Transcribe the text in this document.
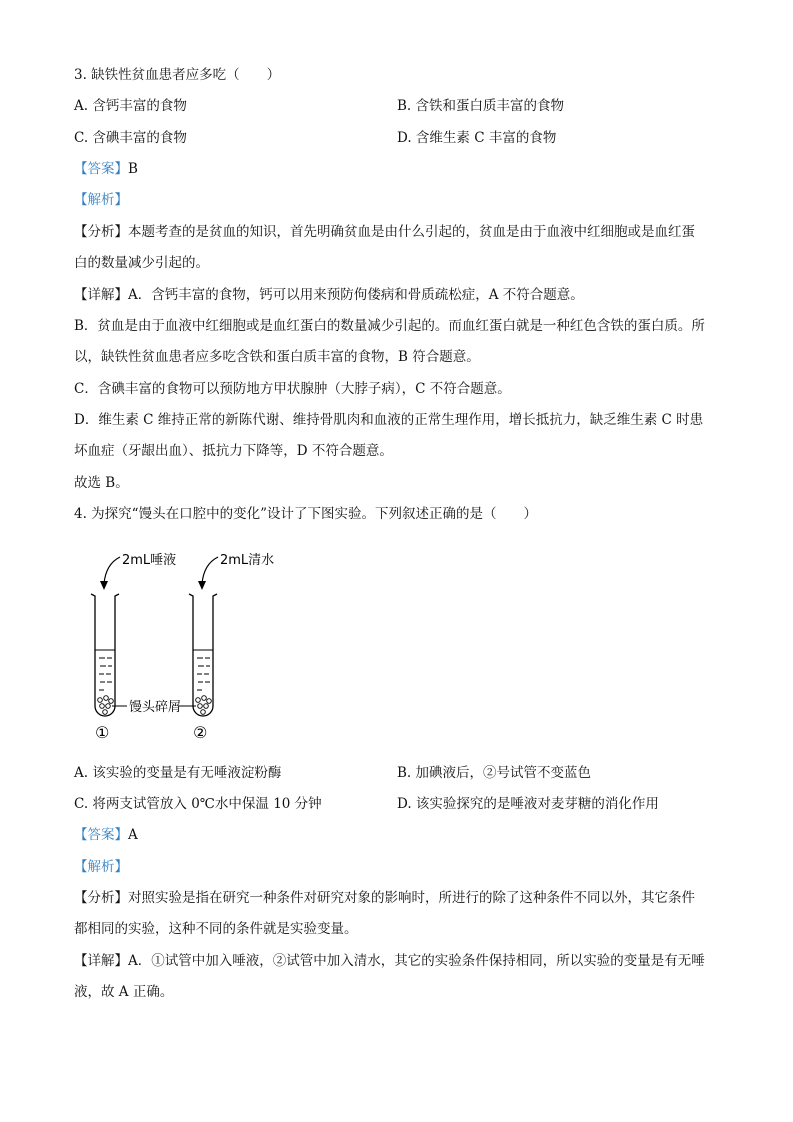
3. 缺铁性贫血患者应多吃（　　）
A. 含钙丰富的食物	B. 含铁和蛋白质丰富的食物
C. 含碘丰富的食物	D. 含维生素 C 丰富的食物
【答案】B
【解析】
【分析】本题考查的是贫血的知识，首先明确贫血是由什么引起的，贫血是由于血液中红细胞或是血红蛋
白的数量减少引起的。
【详解】A．含钙丰富的食物，钙可以用来预防佝偻病和骨质疏松症，A 不符合题意。
B．贫血是由于血液中红细胞或是血红蛋白的数量减少引起的。而血红蛋白就是一种红色含铁的蛋白质。所
以，缺铁性贫血患者应多吃含铁和蛋白质丰富的食物，B 符合题意。
C．含碘丰富的食物可以预防地方甲状腺肿（大脖子病），C 不符合题意。
D．维生素 C 维持正常的新陈代谢、维持骨肌肉和血液的正常生理作用，增长抵抗力，缺乏维生素 C 时患
坏血症（牙龈出血）、抵抗力下降等，D 不符合题意。
故选 B。
4. 为探究“馒头在口腔中的变化”设计了下图实验。下列叙述正确的是（　　）
2mL唾液	2mL清水
馒头碎屑
①	②
A. 该实验的变量是有无唾液淀粉酶	B. 加碘液后，②号试管不变蓝色
C. 将两支试管放入 0℃水中保温 10 分钟	D. 该实验探究的是唾液对麦芽糖的消化作用
【答案】A
【解析】
【分析】对照实验是指在研究一种条件对研究对象的影响时，所进行的除了这种条件不同以外，其它条件
都相同的实验，这种不同的条件就是实验变量。
【详解】A．①试管中加入唾液，②试管中加入清水，其它的实验条件保持相同，所以实验的变量是有无唾
液，故 A 正确。
